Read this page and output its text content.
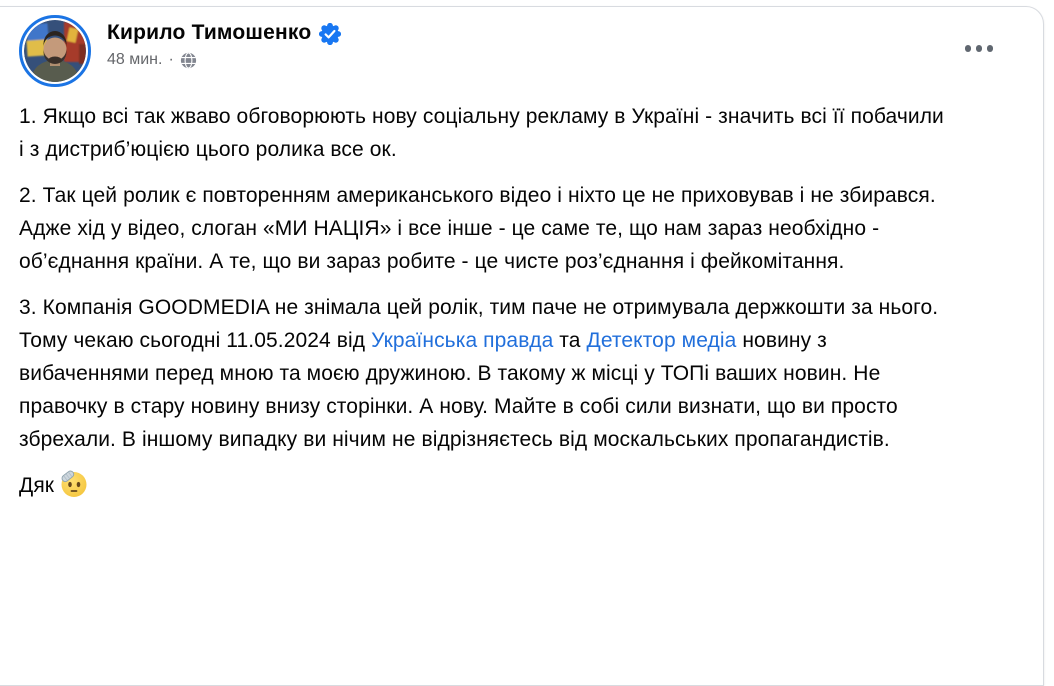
Кирило Тимошенко
48 мин. ·

1. Якщо всі так жваво обговорюють нову соціальну рекламу в Україні - значить всі її побачили і з дистриб’юцією цього ролика все ок.

2. Так цей ролик є повторенням американського відео і ніхто це не приховував і не збирався. Адже хід у відео, слоган «МИ НАЦІЯ» і все інше - це саме те, що нам зараз необхідно - об’єднання країни. А те, що ви зараз робите - це чисте роз’єднання і фейкомітання.

3. Компанія GOODMEDIA не знімала цей ролік, тим паче не отримувала держкошти за нього. Тому чекаю сьогодні 11.05.2024 від Українська правда та Детектор медіа новину з вибаченнями перед мною та моєю дружиною. В такому ж місці у ТОПі ваших новин. Не правочку в стару новину внизу сторінки. А нову. Майте в собі сили визнати, що ви просто збрехали. В іншому випадку ви нічим не відрізняєтесь від москальських пропагандистів.

Дяк
